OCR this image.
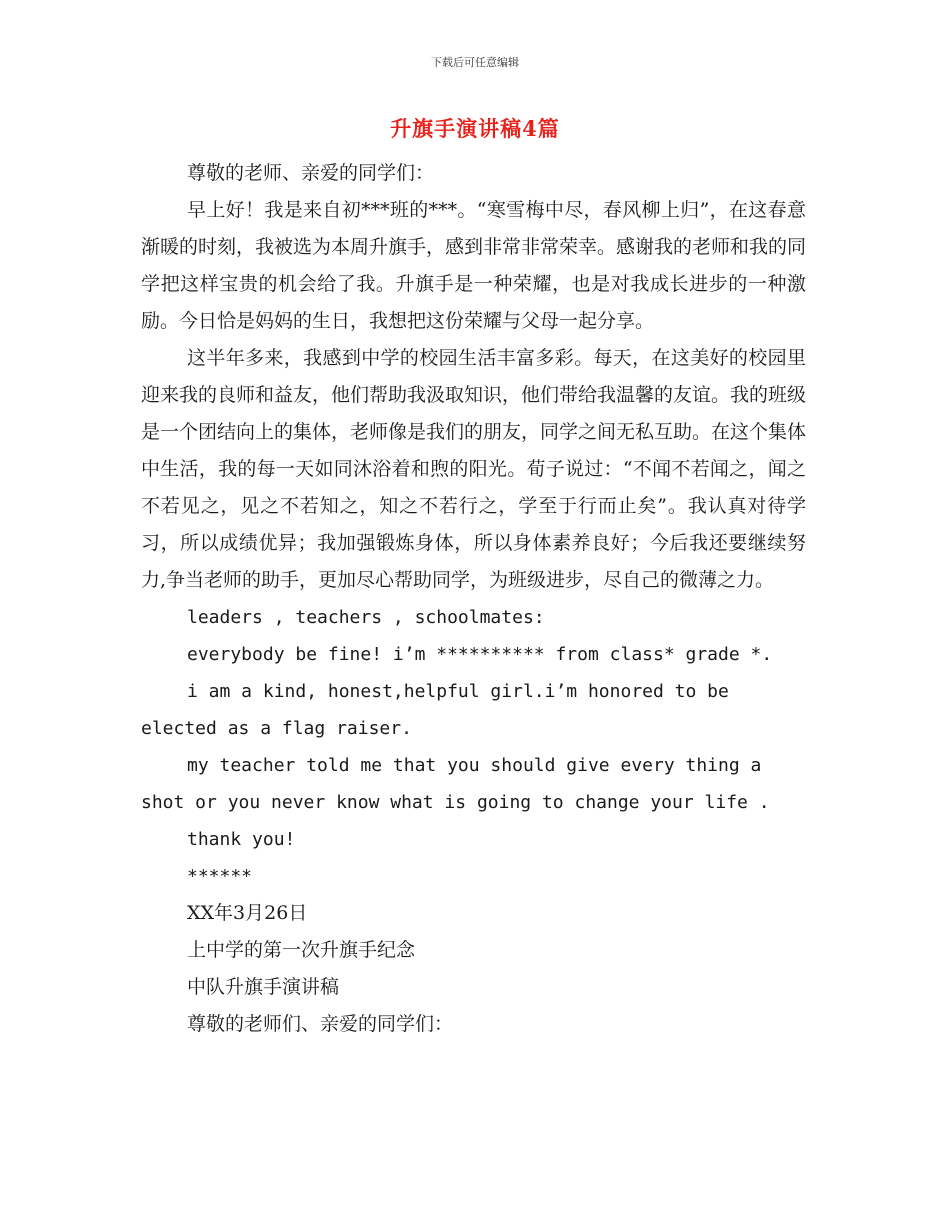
下载后可任意编辑
升旗手演讲稿4篇

尊敬的老师、亲爱的同学们：

早上好！我是来自初***班的***。“寒雪梅中尽，春风柳上归”，在这春意渐暖的时刻，我被选为本周升旗手，感到非常非常荣幸。感谢我的老师和我的同学把这样宝贵的机会给了我。升旗手是一种荣耀，也是对我成长进步的一种激励。今日恰是妈妈的生日，我想把这份荣耀与父母一起分享。

这半年多来，我感到中学的校园生活丰富多彩。每天，在这美好的校园里迎来我的良师和益友，他们帮助我汲取知识，他们带给我温馨的友谊。我的班级是一个团结向上的集体，老师像是我们的朋友，同学之间无私互助。在这个集体中生活，我的每一天如同沐浴着和煦的阳光。荀子说过：“不闻不若闻之，闻之不若见之，见之不若知之，知之不若行之，学至于行而止矣”。我认真对待学习，所以成绩优异；我加强锻炼身体，所以身体素养良好；今后我还要继续努力,争当老师的助手，更加尽心帮助同学，为班级进步，尽自己的微薄之力。

leaders , teachers , schoolmates:

everybody be fine! i’m ********** from class* grade *.

i am a kind, honest,helpful girl.i’m honored to be elected as a flag raiser.

my teacher told me that you should give every thing a shot or you never know what is going to change your life .

thank you!

******

XX年3月26日

上中学的第一次升旗手纪念

中队升旗手演讲稿

尊敬的老师们、亲爱的同学们：
